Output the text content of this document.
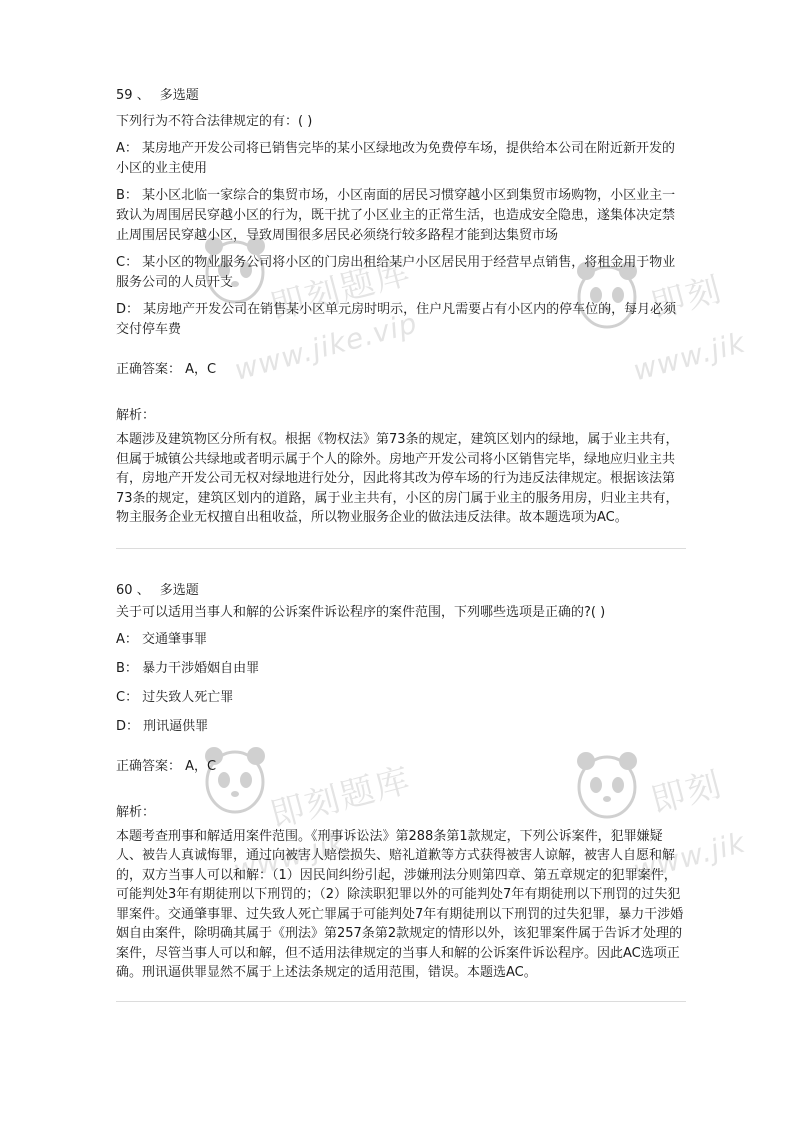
即刻题库
www.jike.vip
即刻
www.jik
即刻题库
www.jik
即刻
www.jik
59 、 多选题
下列行为不符合法律规定的有：( )
A： 某房地产开发公司将已销售完毕的某小区绿地改为免费停车场，提供给本公司在附近新开发的小区的业主使用
B： 某小区北临一家综合的集贸市场，小区南面的居民习惯穿越小区到集贸市场购物，小区业主一致认为周围居民穿越小区的行为，既干扰了小区业主的正常生活，也造成安全隐患，遂集体决定禁止周围居民穿越小区，导致周围很多居民必须绕行较多路程才能到达集贸市场
C： 某小区的物业服务公司将小区的门房出租给某户小区居民用于经营早点销售，将租金用于物业服务公司的人员开支
D： 某房地产开发公司在销售某小区单元房时明示，住户凡需要占有小区内的停车位的，每月必须交付停车费
正确答案： A，C
解析：
本题涉及建筑物区分所有权。根据《物权法》第73条的规定，建筑区划内的绿地，属于业主共有，但属于城镇公共绿地或者明示属于个人的除外。房地产开发公司将小区销售完毕，绿地应归业主共有，房地产开发公司无权对绿地进行处分，因此将其改为停车场的行为违反法律规定。根据该法第73条的规定，建筑区划内的道路，属于业主共有，小区的房门属于业主的服务用房，归业主共有，物主服务企业无权擅自出租收益，所以物业服务企业的做法违反法律。故本题选项为AC。
60 、 多选题
关于可以适用当事人和解的公诉案件诉讼程序的案件范围，下列哪些选项是正确的?( )
A： 交通肇事罪
B： 暴力干涉婚姻自由罪
C： 过失致人死亡罪
D： 刑讯逼供罪
正确答案： A，C
解析：
本题考查刑事和解适用案件范围。《刑事诉讼法》第288条第1款规定，下列公诉案件，犯罪嫌疑人、被告人真诚悔罪，通过向被害人赔偿损失、赔礼道歉等方式获得被害人谅解，被害人自愿和解的，双方当事人可以和解：（1）因民间纠纷引起，涉嫌刑法分则第四章、第五章规定的犯罪案件，可能判处3年有期徒刑以下刑罚的；（2）除渎职犯罪以外的可能判处7年有期徒刑以下刑罚的过失犯罪案件。交通肇事罪、过失致人死亡罪属于可能判处7年有期徒刑以下刑罚的过失犯罪，暴力干涉婚姻自由案件，除明确其属于《刑法》第257条第2款规定的情形以外，该犯罪案件属于告诉才处理的案件，尽管当事人可以和解，但不适用法律规定的当事人和解的公诉案件诉讼程序。因此AC选项正确。刑讯逼供罪显然不属于上述法条规定的适用范围，错误。本题选AC。
